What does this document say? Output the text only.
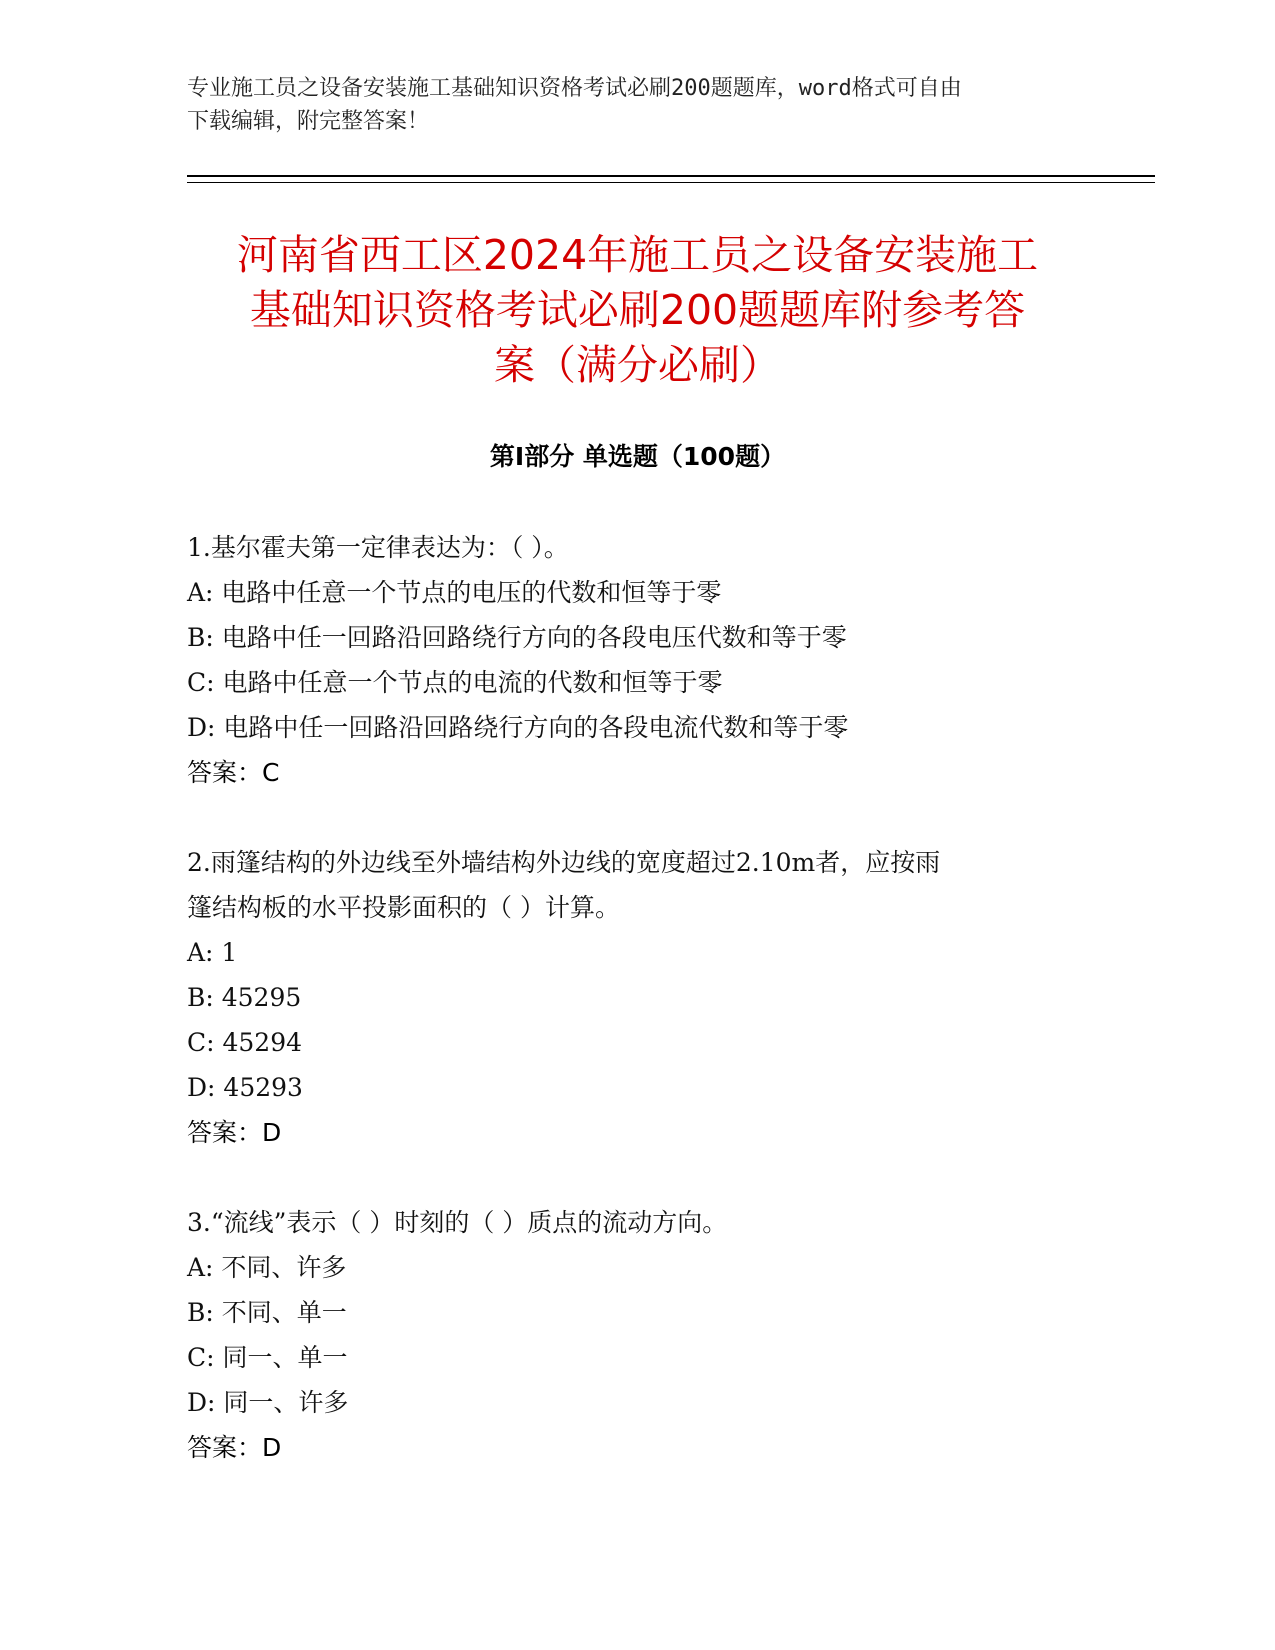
专业施工员之设备安装施工基础知识资格考试必刷200题题库，word格式可自由
下载编辑，附完整答案！
河南省西工区2024年施工员之设备安装施工
基础知识资格考试必刷200题题库附参考答
案（满分必刷）
第I部分 单选题（100题）
1.基尔霍夫第一定律表达为：（ ）。
A: 电路中任意一个节点的电压的代数和恒等于零
B: 电路中任一回路沿回路绕行方向的各段电压代数和等于零
C: 电路中任意一个节点的电流的代数和恒等于零
D: 电路中任一回路沿回路绕行方向的各段电流代数和等于零
答案：C
2.雨篷结构的外边线至外墙结构外边线的宽度超过2.10m者，应按雨
篷结构板的水平投影面积的（ ）计算。
A: 1
B: 45295
C: 45294
D: 45293
答案：D
3.“流线”表示（ ）时刻的（ ）质点的流动方向。
A: 不同、许多
B: 不同、单一
C: 同一、单一
D: 同一、许多
答案：D
